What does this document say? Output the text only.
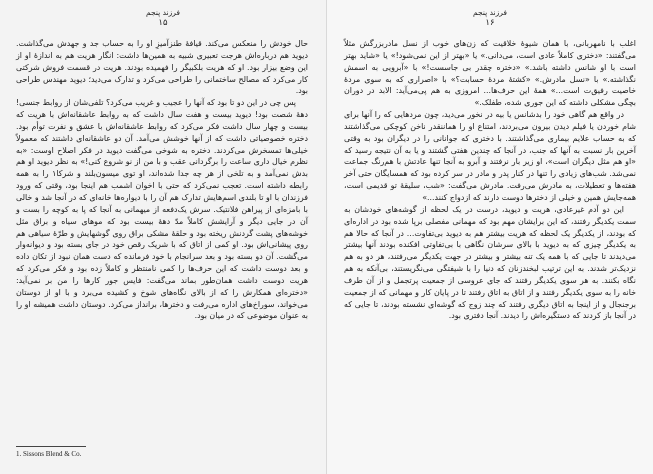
فرزند پنجم
۱۵

حال خودش را منعکس می‌کند. قیافهٔ طنزآمیزِ او را به حساب جد و جهدش می‌گذاشت. دیوید هم درباره‌اش هرجت تعبیری شبیه به همین‌ها داشت: انگار هریت هم به اندازهٔ او از این وضع بیزار بود. او که هریت بلکبیگر را فهمیده بودند. هریت در قسمت فروش شرکتی کار می‌کرد که مصالح ساختمانی را طراحی می‌کرد و تدارک می‌دید؛ دیوید مهندس طراحی بود.

پس چی در این دو تا بود که آنها را عجیب و غریب می‌کرد؟ تلفی‌شان از روابط جنسی! دههٔ شصت بود! دیوید بیست و هفت سال داشت که به روابط عاشقانه‌اش با هریت که بیست و چهار سال داشت فکر می‌کرد که روابط عاشقانه‌اش با عشق و نفرت توأم بود. دختره خصوصیاتی داشت که از آنها خوشش می‌آمد. آن دو عاشقانه‌ای داشتند که معمولاً خیلی‌ها تمسخرش می‌کردند. دختره به شوخی می‌گفت دیوید در فکر اصلاح اوست: «به نظرم خیال داری ساعت را برگردانی عقب و با من از نو شروع کنی!» به نظر دیوید او هم بدش نمی‌آمد و به تلخی از هر چه جدا شده‌اند، او توی میسون‌بلند و شرکا۱ را به همه رابطه داشته است. تعجب نمی‌کرد که حتی با اخوان اشمب هم اینجا بود، وقتی که ورود فرزندان با او تا بلندی اسم‌هایش تدارک هم آن را با دیواره‌ها خانه‌ای که در آنجا شد و خالی با بامزه‌ای از پیراهن فلانتیک. سرش یک‌دفعه از میهمانی به آنجا که پا به کوچه را بست و آن در جایی دیگر و آرایشش کاملاً مدّ دههٔ بیست بود که موهای سیاه و براق مثل خوشه‌های پشت گردنش ریخته بود و حلقهٔ مشکی براق روی گوشهایش و طرّهٔ سیاهی هم روی پیشانی‌اش بود. او کمی از اتاق که با شریک رقص خود در جای بسته بود و دیوانه‌وار می‌گشت. آن دو بسته بود و بعد سرانجام با خود فرمانده که دست همان نبود از تکان داده و بعد دوست داشت که این حرف‌ها را کمی نامنتظر و کاملاً زده بود و فکر می‌کرد که هریت دوست داشت همان‌طور بماند می‌گفت: فایس جور کارها را من بر نمی‌آید: «دختره‌ای همکارش را که از بالای نگاه‌های شوخ و کشیده می‌برد و با او از دوستان می‌خواند، سوراخ‌های اداره می‌رفت و دخترها، برانداز می‌کرد. دوستان داشت همیشه او را به عنوان موضوعی که در میان بود.

1. Sissons Blend & Co.
فرزند پنجم
۱۶

اغلب با نامهربانی، با همان شیوهٔ خلاقیت که زن‌های خوب از نسل مادربزرگش مثلاً می‌گفتند: «دختری کاملاً عادی است، می‌دانی.» یا «بهتر از این نمی‌شود!» یا «شاید بهتر است با او شانس داشته باشد.» «دختره چقدر بی جاسست!» با «آبرویی به اسمش نگذاشته.» با «نسل مادرش.» «کشتهٔ مردهٔ حسابت؟» با «اصراری که به سوی مردهٔ خاصیت رفیق‌ت است...» همهٔ این حرف‌ها... امروزی به هم پی‌می‌آید: الابد در دوران بچگی مشکلی داشته که این جوری شده، طفلک.»

در واقع هم گاهی خود را بدشانس یا بیه در نخور می‌دید، چون مردهایی که را آنها برای شام خوردن یا فیلم دیدن بیرون می‌بردند، امتناع او را هماننقدر ناخن کوچکی می‌گذاشتند که به حساب علایم بیماری می‌گذاشتند. با دختری که جوانانی را در دیگران بود به وقتی آخرین بار نسبت به آنها که جنب، در آنجا که چندین هفتی گشتند و یا به آن نتیجه رسید که «او هم مثل دیگران است»، او زیر بار نرفتند و آبرو به آنجا تنها عادتش با هم‌رنگ جماعت نمی‌شد. شب‌های زیادی را تنها در کنار پدر و مادر در سر کرده بود که همسایگان حتی آخر هفته‌ها و تعطیلات، به مادرش می‌رفت. مادرش می‌گفت: «شب، سلیقهٔ تو قدیمی است، همه‌جایش همین و خیلی از دخترها دوست دارند که ازدواج کنند...»

این دو آدم غیرعادی، هریت و دیوید، درست در یک لحظه از گوشه‌های خودشان به سمت یکدیگر رفتند، که این برایشان مهم بود که مهمانی مفصلی برپا شده بود در اداره‌ای که بودند، از یکدیگر یک لحظه که هریت بیشتر هم به دیوید بی‌تفاوت... در آنجا که حالا هم به یکدیگر چیزی که به دیوید با بالای سرشان نگاهی با بی‌تفاوتی افکنده بودند آنها بیشتر می‌دیدند تا جایی که با همه یک تنه بیشتر و بیشتر در جهت یکدیگر می‌رفتند، هر دو به هم نزدیک‌تر شدند. به این ترتیب لبخندزنان که دنیا را با شیفتگی می‌نگریستند، بی‌آنکه به هم نگاه بکنند. به هر سوی یکدیگر رفتند که جای عروسی از جمعیت پرتجمل و از آن طرف خانه را به سوی یکدیگر رفتند و از اتاق به اتاق رفتند تا در پایان کار و مهمانی که از جمعیت برجنجال و از اینجا به اتاق دیگری رفتند که چند زوج که گوشه‌ای نشسته بودند، تا جایی که در آنجا باز کردند که دستگیره‌اش را دیدند. آنجا دفتری بود.
